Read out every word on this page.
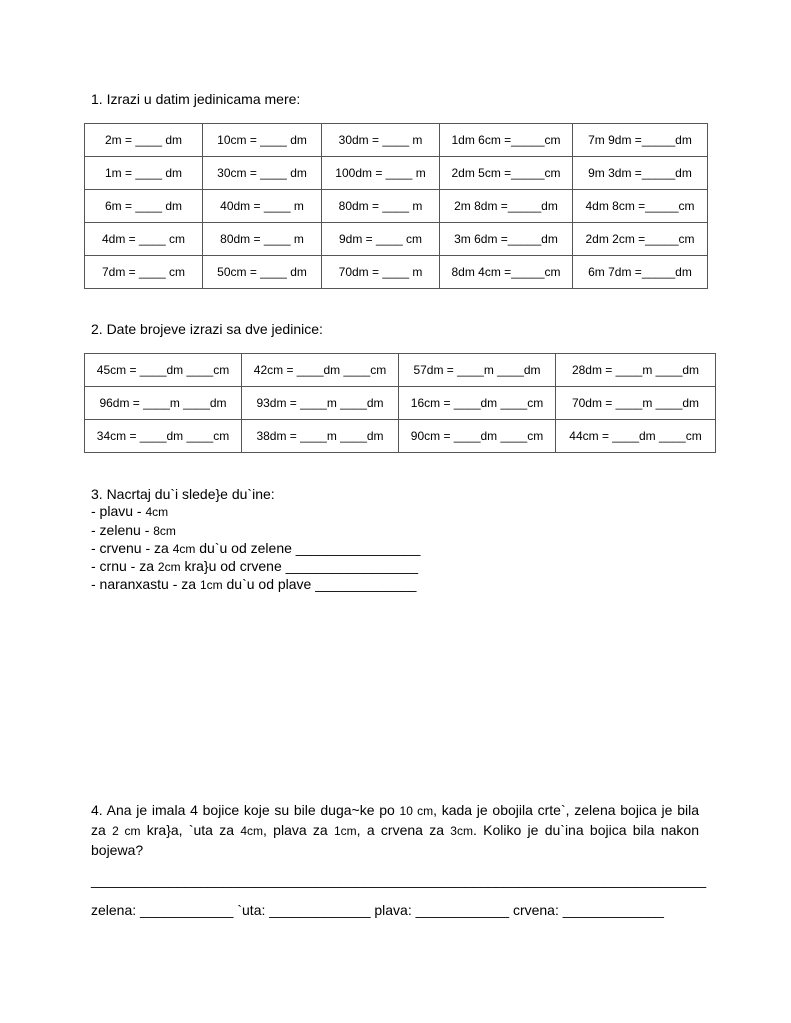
1. Izrazi u datim jedinicama mere:
2m = ____ dm	10cm = ____ dm	30dm = ____ m	1dm 6cm =_____cm	7m 9dm =_____dm
1m = ____ dm	30cm = ____ dm	100dm = ____ m	2dm 5cm =_____cm	9m 3dm =_____dm
6m = ____ dm	40dm = ____ m	80dm = ____ m	2m 8dm =_____dm	4dm 8cm =_____cm
4dm = ____ cm	80dm = ____ m	9dm = ____ cm	3m 6dm =_____dm	2dm 2cm =_____cm
7dm = ____ cm	50cm = ____ dm	70dm = ____ m	8dm 4cm =_____cm	6m 7dm =_____dm
2. Date brojeve izrazi sa dve jedinice:
45cm = ____dm ____cm	42cm = ____dm ____cm	57dm = ____m ____dm	28dm = ____m ____dm
96dm = ____m ____dm	93dm = ____m ____dm	16cm = ____dm ____cm	70dm = ____m ____dm
34cm = ____dm ____cm	38dm = ____m ____dm	90cm = ____dm ____cm	44cm = ____dm ____cm
3. Nacrtaj du`i slede}e du`ine:
- plavu - 4cm
- zelenu - 8cm
- crvenu - za 4cm du`u od zelene ________________
- crnu - za 2cm kra}u od crvene _________________
- naranxastu - za 1cm du`u od plave _____________
4. Ana je imala 4 bojice koje su bile duga~ke po 10 cm, kada je obojila crte`, zelena bojica je bila za 2 cm kra}a, `uta za 4cm, plava za 1cm, a crvena za 3cm. Koliko je du`ina bojica bila nakon bojewa?
_______________________________________________________________________________
zelena: ____________ `uta: _____________ plava: ____________ crvena: _____________
